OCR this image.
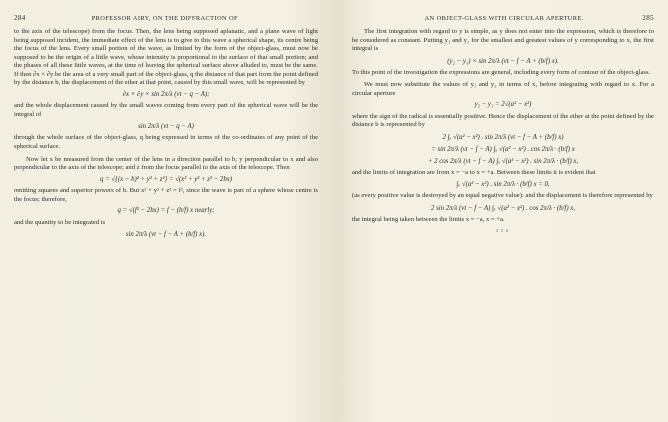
284	PROFESSOR AIRY, ON THE DIFFRACTION OF

to the axis of the telescope) from the focus. Then, the lens being supposed aplanatic, and a plane wave of light being supposed incident, the immediate effect of the lens is to give to this wave a spherical shape, its centre being the focus of the lens. Every small portion of the wave, as limited by the form of the object-glass, must now be supposed to be the origin of a little wave, whose intensity is proportional to the surface of that small portion; and the phases of all these little waves, at the time of leaving the spherical surface above alluded to, must be the same. If then ∂x × ∂y be the area of a very small part of the object-glass, q the distance of that part from the point defined by the distance b, the displacement of the ether at that point, caused by this small wave, will be represented by

∂x × ∂y × sin 2π/λ (vt − q − A);

and the whole displacement caused by the small waves coming from every part of the spherical wave will be the integral of

sin 2π/λ (vt − q − A)

through the whole surface of the object-glass, q being expressed in terms of the co-ordinates of any point of the spherical surface.

Now let x be measured from the center of the lens in a direction parallel to b; y perpendicular to x and also perpendicular to the axis of the telescope; and z from the focus parallel to the axis of the telescope. Then

q = √{(x − b)² + y² + z²} = √(x² + y² + z² − 2bx)

omitting squares and superior powers of b. But x² + y² + z² = f², since the wave is part of a sphere whose centre is the focus; therefore,

q = √(f² − 2bx) = f − (b/f) x nearly;

and the quantity to be integrated is

sin 2π/λ (vt − f − A + (b/f) x).
AN OBJECT-GLASS WITH CIRCULAR APERTURE.	285

The first integration with regard to y is simple, as y does not enter into the expression, which is therefore to be considered as constant. Putting y₁ and y₂ for the smallest and greatest values of y corresponding to x, the first integral is

(y₂ − y₁) × sin 2π/λ (vt − f − A + (b/f) x).

To this point of the investigation the expressions are general, including every form of contour of the object-glass.

We must now substitute the values of y₁ and y₂ in terms of x, before integrating with regard to x. For a circular aperture

y₂ − y₁ = 2√(a² − x²)

where the sign of the radical is essentially positive. Hence the displacement of the ether at the point defined by the distance b is represented by

2 ∫ₓ √(a² − x²) . sin 2π/λ (vt − f − A + (b/f) x)
= sin 2π/λ (vt − f − A) ∫ₓ √(a² − x²) . cos 2π/λ · (b/f) x
+ 2 cos 2π/λ (vt − f − A) ∫ₓ √(a² − x²) . sin 2π/λ · (b/f) x,

and the limits of integration are from x = −a to x = +a. Between these limits it is evident that

∫ₓ √(a² − x²) . sin 2π/λ · (b/f) x = 0,

(as every positive value is destroyed by an equal negative value): and the displacement is therefore represented by

2 sin 2π/λ (vt − f − A) ∫ₓ √(a² − x²) . cos 2π/λ · (b/f) x,

the integral being taken between the limits x = −a, x = +a.

r r c
